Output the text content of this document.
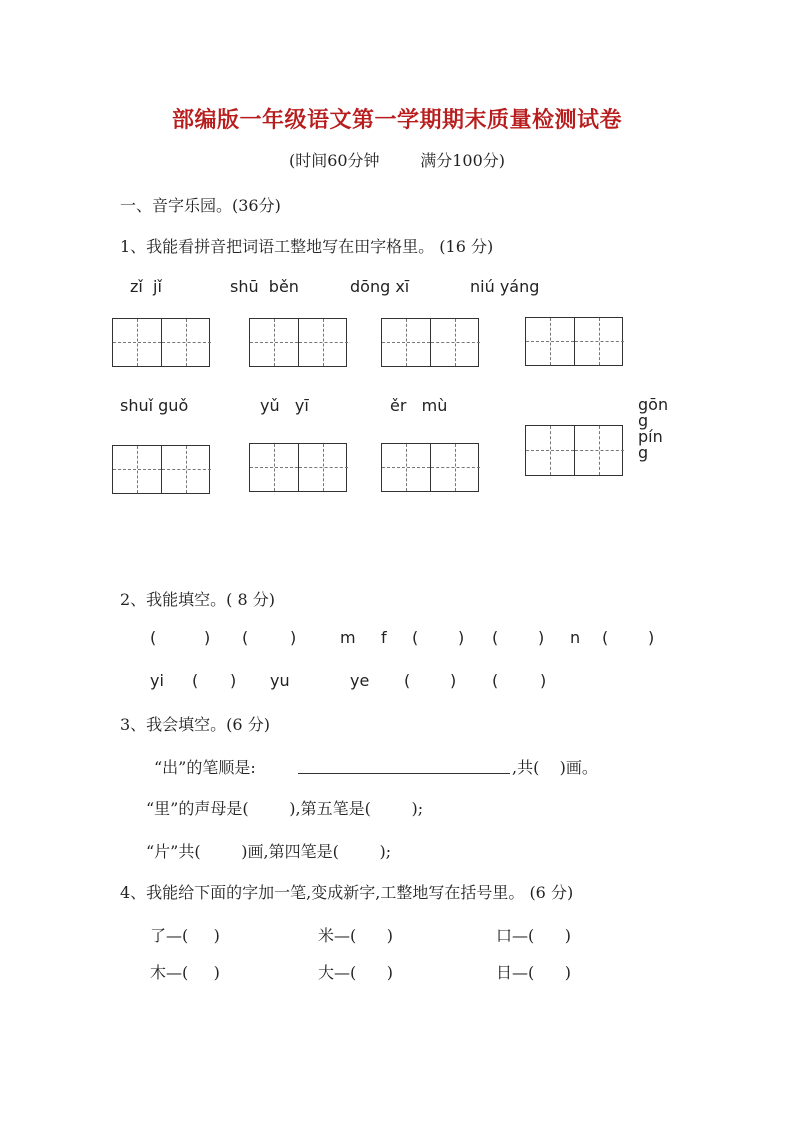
部编版一年级语文第一学期期末质量检测试卷
(时间60分钟        满分100分)
一、音字乐园。(36分)
1、我能看拼音把词语工整地写在田字格里。 (16 分)
zǐ  jǐ	shū  běn	dōng xī	niú yáng
shuǐ guǒ	yǔ   yī	ěr   mù	gōn
g
pín
g
2、我能填空。( 8 分)
(	) (	)	m f ( ) ( ) n ( )
yi ( ) yu	ye ( ) (	)
3、我会填空。(6 分)
“出”的笔顺是:	,共(    )画。
“里”的声母是(        ),第五笔是(        );
“片”共(        )画,第四笔是(        );
4、我能给下面的字加一笔,变成新字,工整地写在括号里。 (6 分)
了—(     )	米—(      )	口—(      )
木—(     )	大—(      )	日—(      )
